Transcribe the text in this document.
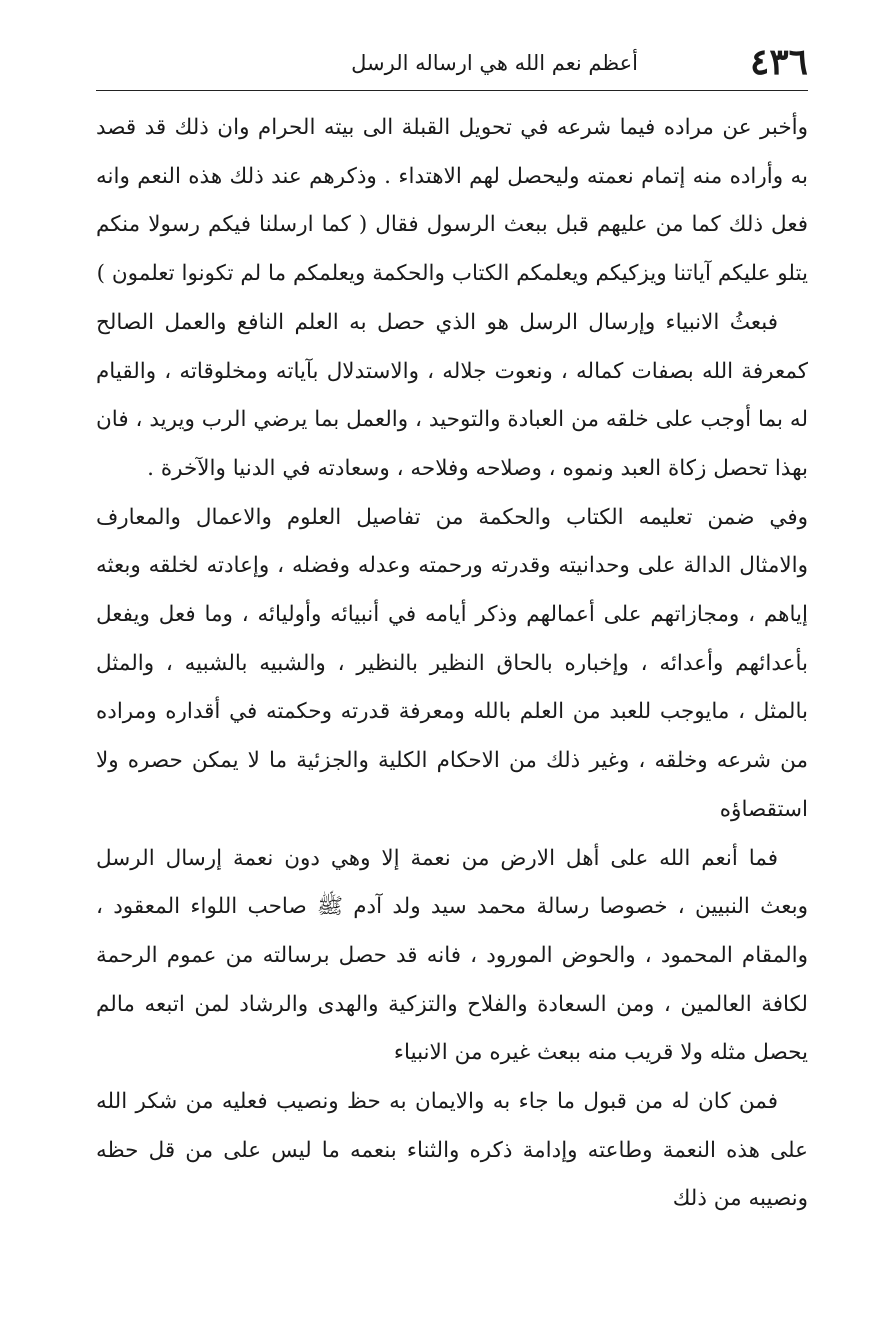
٤٣٦
أعظم نعم الله هي ارساله الرسل

وأخبر عن مراده فيما شرعه في تحويل القبلة الى بيته الحرام وان ذلك قد قصد به وأراده منه إتمام نعمته وليحصل لهم الاهتداء . وذكرهم عند ذلك هذه النعم وانه فعل ذلك كما من عليهم قبل ببعث الرسول فقال ( كما ارسلنا فيكم رسولا منكم يتلو عليكم آياتنا ويزكيكم ويعلمكم الكتاب والحكمة ويعلمكم ما لم تكونوا تعلمون )

فبعثُ الانبياء وإرسال الرسل هو الذي حصل به العلم النافع والعمل الصالح كمعرفة الله بصفات كماله ، ونعوت جلاله ، والاستدلال بآياته ومخلوقاته ، والقيام له بما أوجب على خلقه من العبادة والتوحيد ، والعمل بما يرضي الرب ويريد ، فان بهذا تحصل زكاة العبد ونموه ، وصلاحه وفلاحه ، وسعادته في الدنيا والآخرة .

وفي ضمن تعليمه الكتاب والحكمة من تفاصيل العلوم والاعمال والمعارف والامثال الدالة على وحدانيته وقدرته ورحمته وعدله وفضله ، وإعادته لخلقه وبعثه إياهم ، ومجازاتهم على أعمالهم وذكر أيامه في أنبيائه وأوليائه ، وما فعل ويفعل بأعدائهم وأعدائه ، وإخباره بالحاق النظير بالنظير ، والشبيه بالشبيه ، والمثل بالمثل ، مايوجب للعبد من العلم بالله ومعرفة قدرته وحكمته في أقداره ومراده من شرعه وخلقه ، وغير ذلك من الاحكام الكلية والجزئية ما لا يمكن حصره ولا استقصاؤه

فما أنعم الله على أهل الارض من نعمة إلا وهي دون نعمة إرسال الرسل وبعث النبيين ، خصوصا رسالة محمد سيد ولد آدم ﷺ صاحب اللواء المعقود ، والمقام المحمود ، والحوض المورود ، فانه قد حصل برسالته من عموم الرحمة لكافة العالمين ، ومن السعادة والفلاح والتزكية والهدى والرشاد لمن اتبعه مالم يحصل مثله ولا قريب منه ببعث غيره من الانبياء

فمن كان له من قبول ما جاء به والايمان به حظ ونصيب فعليه من شكر الله على هذه النعمة وطاعته وإدامة ذكره والثناء بنعمه ما ليس على من قل حظه ونصيبه من ذلك
